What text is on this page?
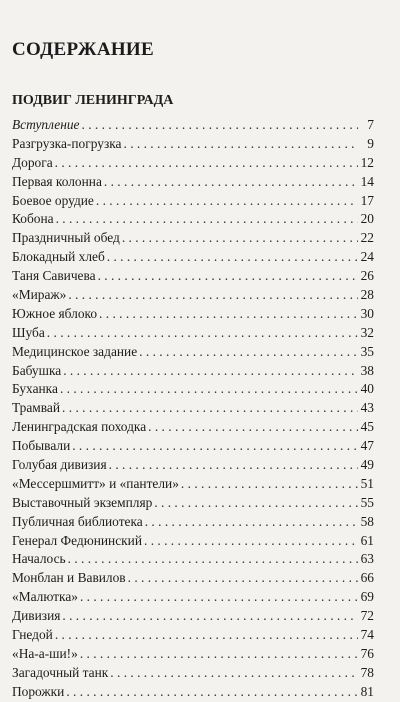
СОДЕРЖАНИЕ
ПОДВИГ ЛЕНИНГРАДА
Вступление . . .	7
Разгрузка-погрузка . . .	9
Дорога . . .	12
Первая колонна . . .	14
Боевое орудие . . .	17
Кобона . . .	20
Праздничный обед . . .	22
Блокадный хлеб . . .	24
Таня Савичева . . .	26
«Мираж» . . .	28
Южное яблоко . . .	30
Шуба . . .	32
Медицинское задание . . .	35
Бабушка . . .	38
Буханка . . .	40
Трамвай . . .	43
Ленинградская походка . . .	45
Побывали . . .	47
Голубая дивизия . . .	49
«Мессершмитт» и «пантели» . . .	51
Выставочный экземпляр . . .	55
Публичная библиотека . . .	58
Генерал Федюнинский . . .	61
Началось . . .	63
Монблан и Вавилов . . .	66
«Малютка» . . .	69
Дивизия . . .	72
Гнедой . . .	74
«На-а-ши!» . . .	76
Загадочный танк . . .	78
Порожки . . .	81
